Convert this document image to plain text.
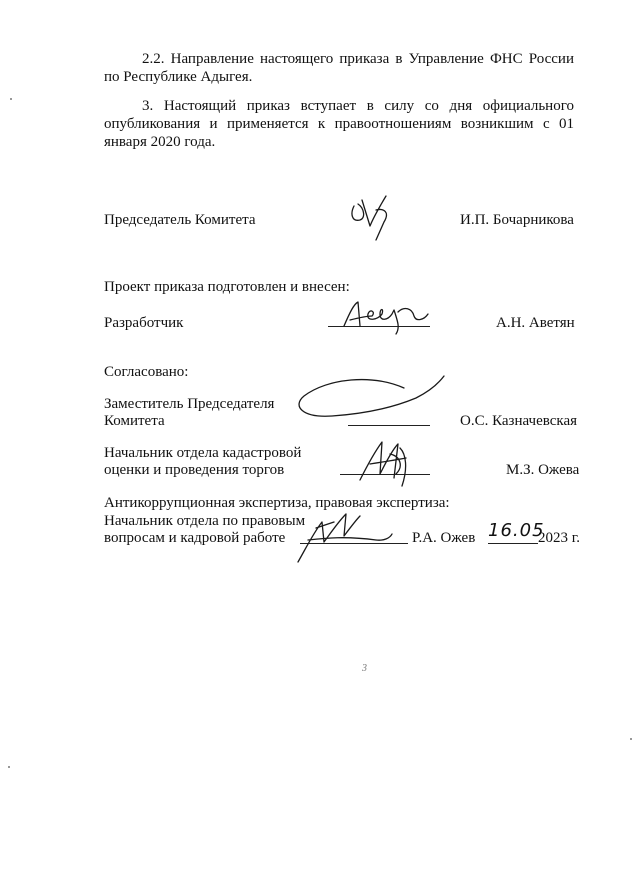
2.2. Направление настоящего приказа в Управление ФНС России по Республике Адыгея.
3. Настоящий приказ вступает в силу со дня официального опубликования и применяется к правоотношениям возникшим с 01 января 2020 года.
Председатель Комитета	И.П. Бочарникова
Проект приказа подготовлен и внесен:
Разработчик	А.Н. Аветян
Согласовано:
Заместитель Председателя
Комитета	О.С. Казначевская
Начальник отдела кадастровой
оценки и проведения торгов	М.З. Ожева
Антикоррупционная экспертиза, правовая экспертиза:
Начальник отдела по правовым
вопросам и кадровой работе	Р.А. Ожев 16.05
2023 г.
3
